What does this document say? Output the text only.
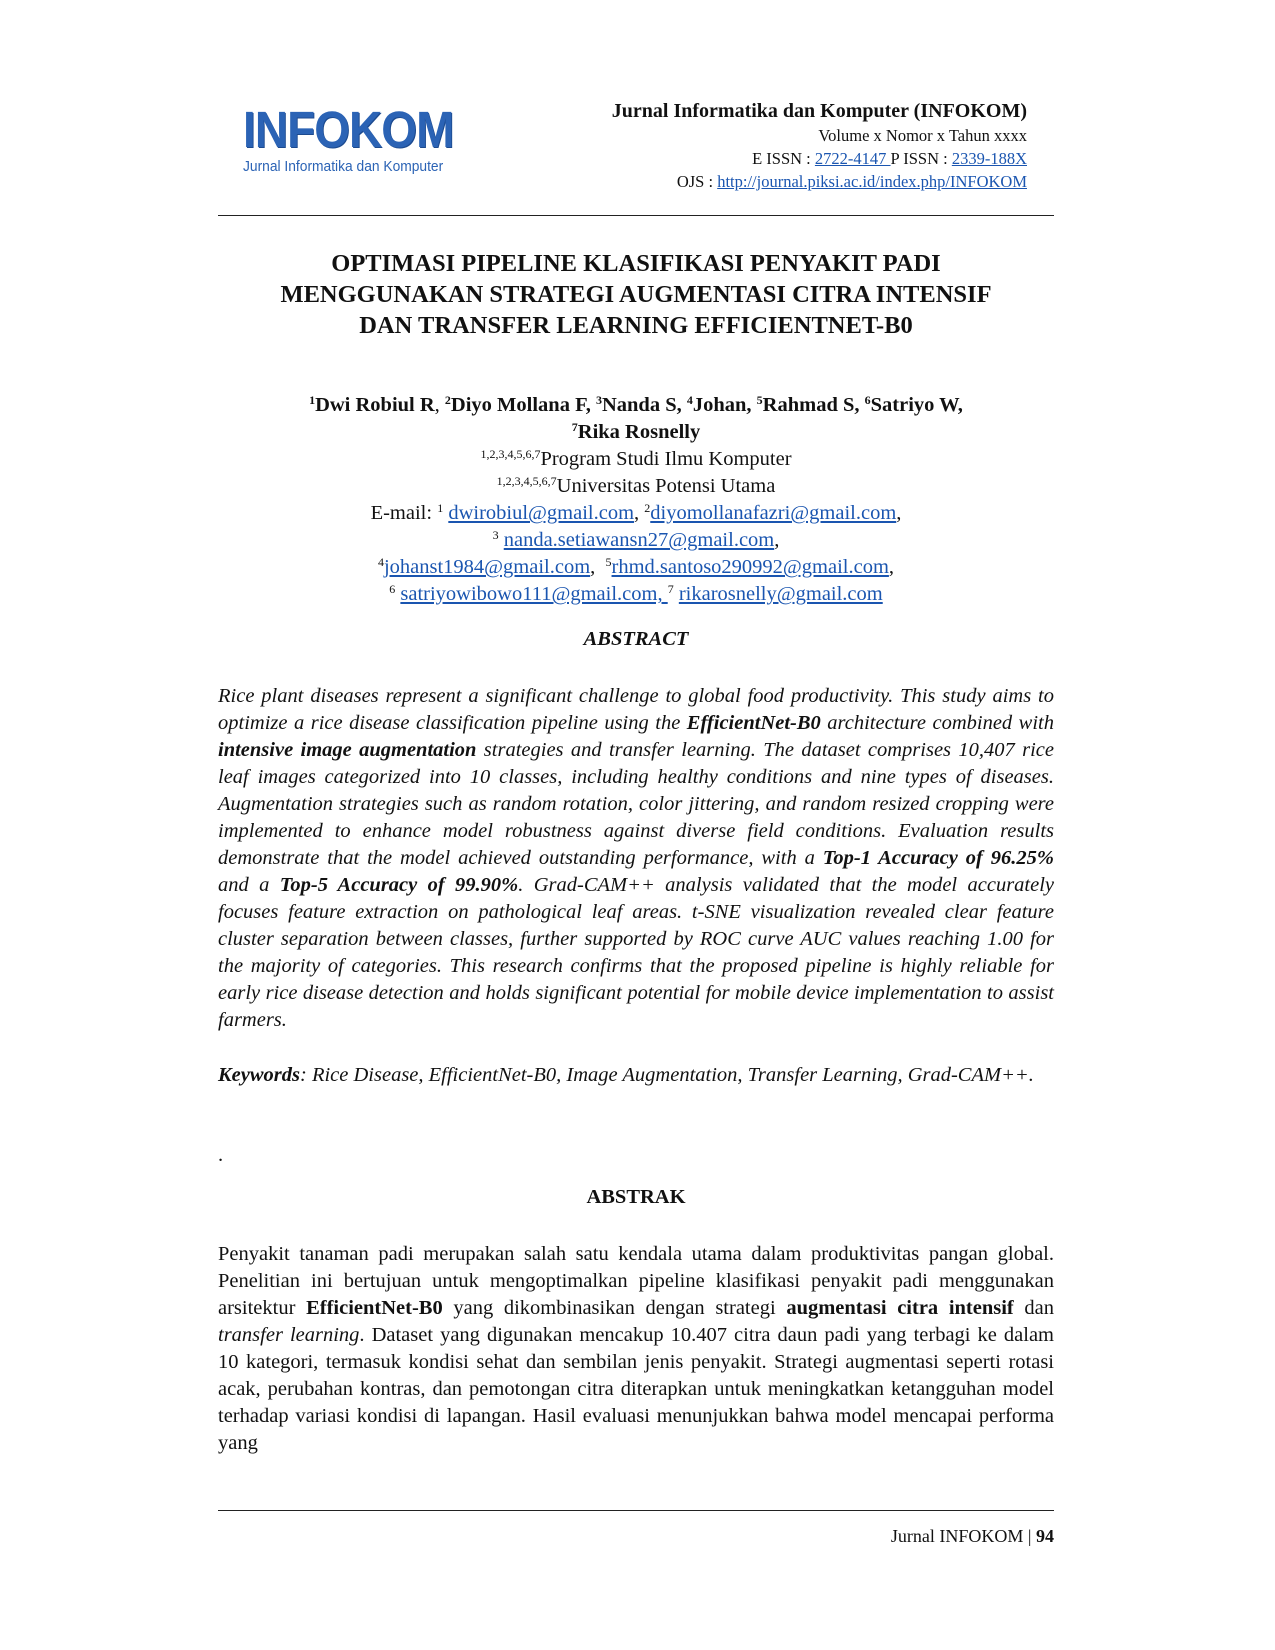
INFOKOM
Jurnal Informatika dan Komputer
Jurnal Informatika dan Komputer (INFOKOM)
Volume x Nomor x Tahun xxxx
E ISSN : 2722-4147 P ISSN : 2339-188X
OJS : http://journal.piksi.ac.id/index.php/INFOKOM
OPTIMASI PIPELINE KLASIFIKASI PENYAKIT PADI
MENGGUNAKAN STRATEGI AUGMENTASI CITRA INTENSIF
DAN TRANSFER LEARNING EFFICIENTNET-B0
$^1$Dwi Robiul R, $^2$Diyo Mollana F, $^3$Nanda S, $^4$Johan, $^5$Rahmad S, $^6$Satriyo W,
$^7$Rika Rosnelly
$^{1,2,3,4,5,6,7}$Program Studi Ilmu Komputer
$^{1,2,3,4,5,6,7}$Universitas Potensi Utama
E-mail: $^1$ dwirobiul@gmail.com, $^2$diyomollanafazri@gmail.com,
$^3$ nanda.setiawansn27@gmail.com,
$^4$johanst1984@gmail.com,  $^5$rhmd.santoso290992@gmail.com,
$^6$ satriyowibowo111@gmail.com, $^7$ rikarosnelly@gmail.com
ABSTRACT
Rice plant diseases represent a significant challenge to global food productivity. This study aims to optimize a rice disease classification pipeline using the EfficientNet-B0 architecture combined with intensive image augmentation strategies and transfer learning. The dataset comprises 10,407 rice leaf images categorized into 10 classes, including healthy conditions and nine types of diseases. Augmentation strategies such as random rotation, color jittering, and random resized cropping were implemented to enhance model robustness against diverse field conditions. Evaluation results demonstrate that the model achieved outstanding performance, with a Top-1 Accuracy of 96.25% and a Top-5 Accuracy of 99.90%. Grad-CAM++ analysis validated that the model accurately focuses feature extraction on pathological leaf areas. t-SNE visualization revealed clear feature cluster separation between classes, further supported by ROC curve AUC values reaching 1.00 for the majority of categories. This research confirms that the proposed pipeline is highly reliable for early rice disease detection and holds significant potential for mobile device implementation to assist farmers.
Keywords: Rice Disease, EfficientNet-B0, Image Augmentation, Transfer Learning, Grad-CAM++.
.
ABSTRAK
Penyakit tanaman padi merupakan salah satu kendala utama dalam produktivitas pangan global. Penelitian ini bertujuan untuk mengoptimalkan pipeline klasifikasi penyakit padi menggunakan arsitektur EfficientNet-B0 yang dikombinasikan dengan strategi augmentasi citra intensif dan transfer learning. Dataset yang digunakan mencakup 10.407 citra daun padi yang terbagi ke dalam 10 kategori, termasuk kondisi sehat dan sembilan jenis penyakit. Strategi augmentasi seperti rotasi acak, perubahan kontras, dan pemotongan citra diterapkan untuk meningkatkan ketangguhan model terhadap variasi kondisi di lapangan. Hasil evaluasi menunjukkan bahwa model mencapai performa yang
Jurnal INFOKOM | 94
